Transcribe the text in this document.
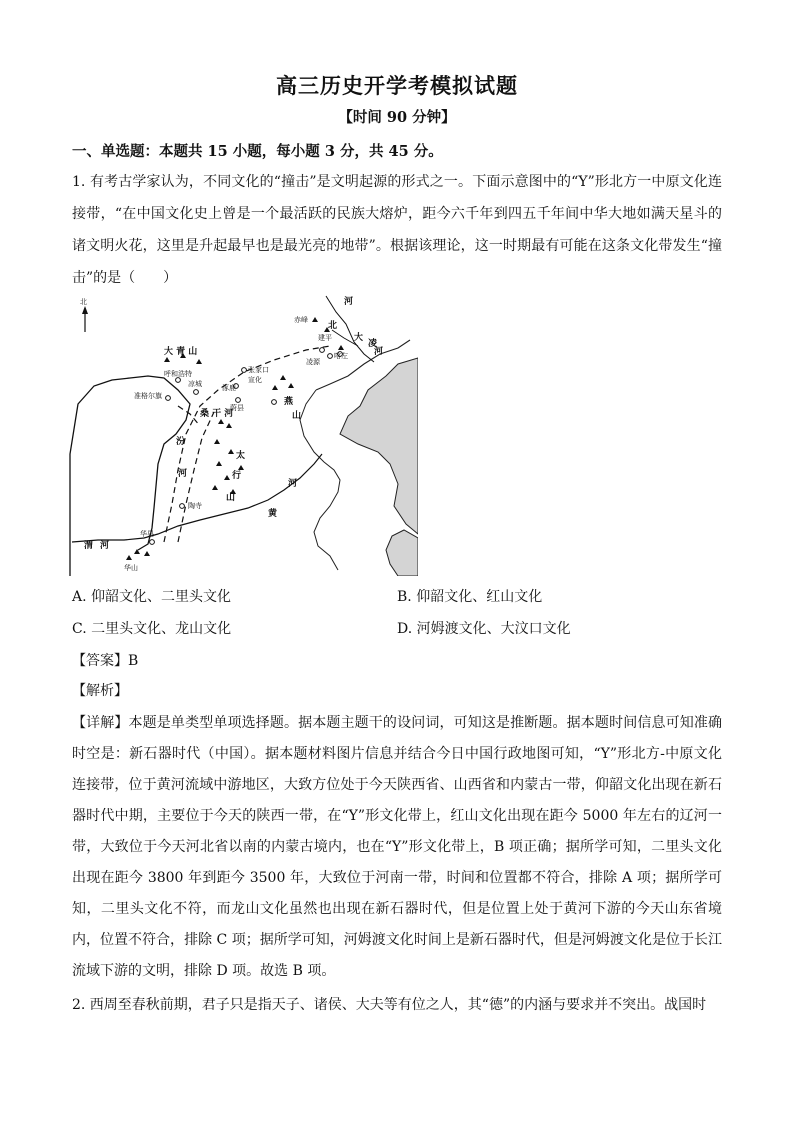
高三历史开学考模拟试题
【时间 90 分钟】
一、单选题：本题共 15 小题，每小题 3 分，共 45 分。
1. 有考古学家认为，不同文化的“撞击”是文明起源的形式之一。下面示意图中的“Y”形北方一中原文化连接带，“在中国文化史上曾是一个最活跃的民族大熔炉，距今六千年到四五千年间中华大地如满天星斗的诸文明火花，这里是升起最早也是最光亮的地带”。根据该理论，这一时期最有可能在这条文化带发生“撞击”的是（　　）
北
大 青 山
呼和浩特
凉城
准格尔旗
张家口
宣化
涿鹿
蔚县
赤峰
建平
凌源
喀左
河
北
大
凌
河
桑 干 河
汾
河
太
行
山
燕
山
陶寺
黄
河
华县
渭 河
华山
A. 仰韶文化、二里头文化	B. 仰韶文化、红山文化
C. 二里头文化、龙山文化	D. 河姆渡文化、大汶口文化
【答案】B
【解析】
【详解】本题是单类型单项选择题。据本题主题干的设问词，可知这是推断题。据本题时间信息可知准确时空是：新石器时代（中国）。据本题材料图片信息并结合今日中国行政地图可知，“Y”形北方-中原文化连接带，位于黄河流域中游地区，大致方位处于今天陕西省、山西省和内蒙古一带，仰韶文化出现在新石器时代中期，主要位于今天的陕西一带，在“Y”形文化带上，红山文化出现在距今 5000 年左右的辽河一带，大致位于今天河北省以南的内蒙古境内，也在“Y”形文化带上，B 项正确；据所学可知，二里头文化出现在距今 3800 年到距今 3500 年，大致位于河南一带，时间和位置都不符合，排除 A 项；据所学可知，二里头文化不符，而龙山文化虽然也出现在新石器时代，但是位置上处于黄河下游的今天山东省境内，位置不符合，排除 C 项；据所学可知，河姆渡文化时间上是新石器时代，但是河姆渡文化是位于长江流域下游的文明，排除 D 项。故选 B 项。
2. 西周至春秋前期，君子只是指天子、诸侯、大夫等有位之人，其“德”的内涵与要求并不突出。战国时
